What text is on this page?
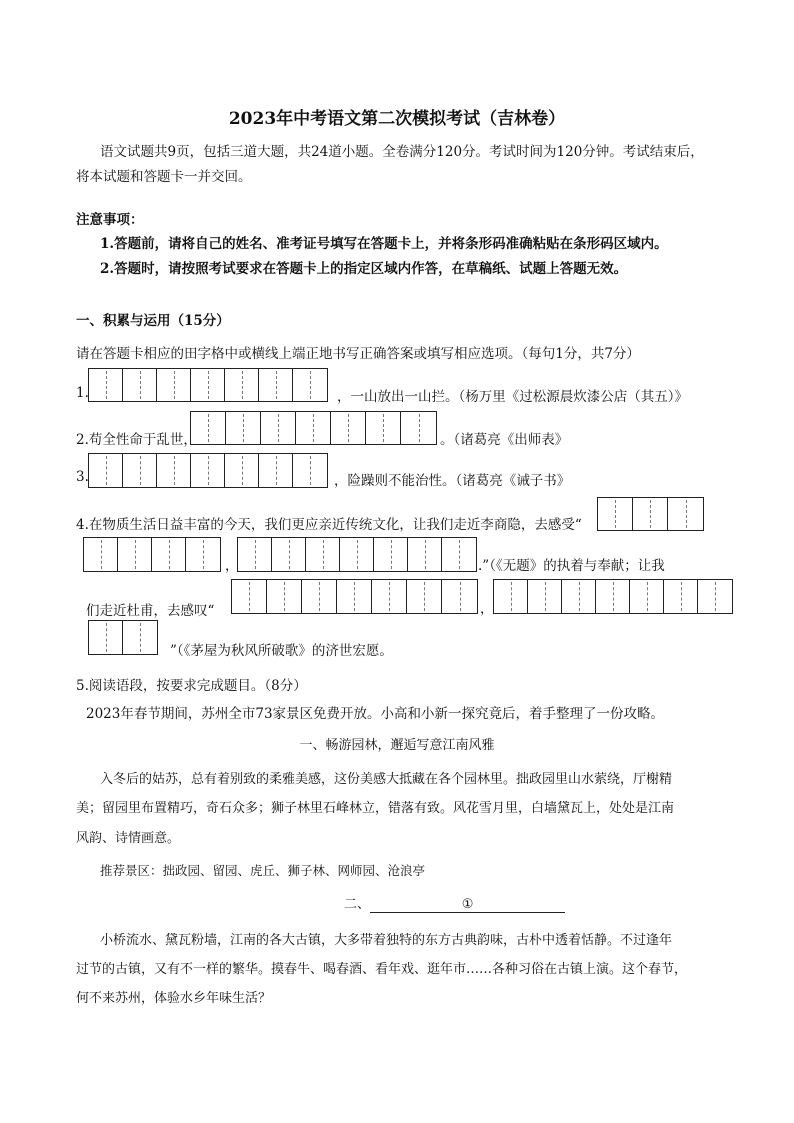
2023年中考语文第二次模拟考试（吉林卷）
语文试题共9页，包括三道大题，共24道小题。全卷满分120分。考试时间为120分钟。考试结束后，
将本试题和答题卡一并交回。
注意事项：
1.答题前，请将自己的姓名、准考证号填写在答题卡上，并将条形码准确粘贴在条形码区域内。
2.答题时，请按照考试要求在答题卡上的指定区域内作答，在草稿纸、试题上答题无效。
一、积累与运用（15分）
请在答题卡相应的田字格中或横线上端正地书写正确答案或填写相应选项。（每句1分，共7分）
1.	，一山放出一山拦。（杨万里《过松源晨炊漆公店（其五）》
2.苟全性命于乱世，	。（诸葛亮《出师表》
3.	，险躁则不能治性。（诸葛亮《诫子书》
4.在物质生活日益丰富的今天，我们更应亲近传统文化，让我们走近李商隐，去感受“
，	.”（《无题》的执着与奉献；让我
们走近杜甫，去感叹“	，
”（《茅屋为秋风所破歌》的济世宏愿。
5.阅读语段，按要求完成题目。（8分）
2023年春节期间，苏州全市73家景区免费开放。小高和小新一探究竟后，着手整理了一份攻略。
一、畅游园林，邂逅写意江南风雅
入冬后的姑苏，总有着别致的柔雅美感，这份美感大抵藏在各个园林里。拙政园里山水萦绕，厅榭精
美；留园里布置精巧，奇石众多；狮子林里石峰林立，错落有致。风花雪月里，白墙黛瓦上，处处是江南
风韵、诗情画意。
推荐景区：拙政园、留园、虎丘、狮子林、网师园、沧浪亭
二、	①
小桥流水、黛瓦粉墙，江南的各大古镇，大多带着独特的东方古典韵味，古朴中透着恬静。不过逢年
过节的古镇，又有不一样的繁华。摸春牛、喝春酒、看年戏、逛年市……各种习俗在古镇上演。这个春节，
何不来苏州，体验水乡年味生活？
